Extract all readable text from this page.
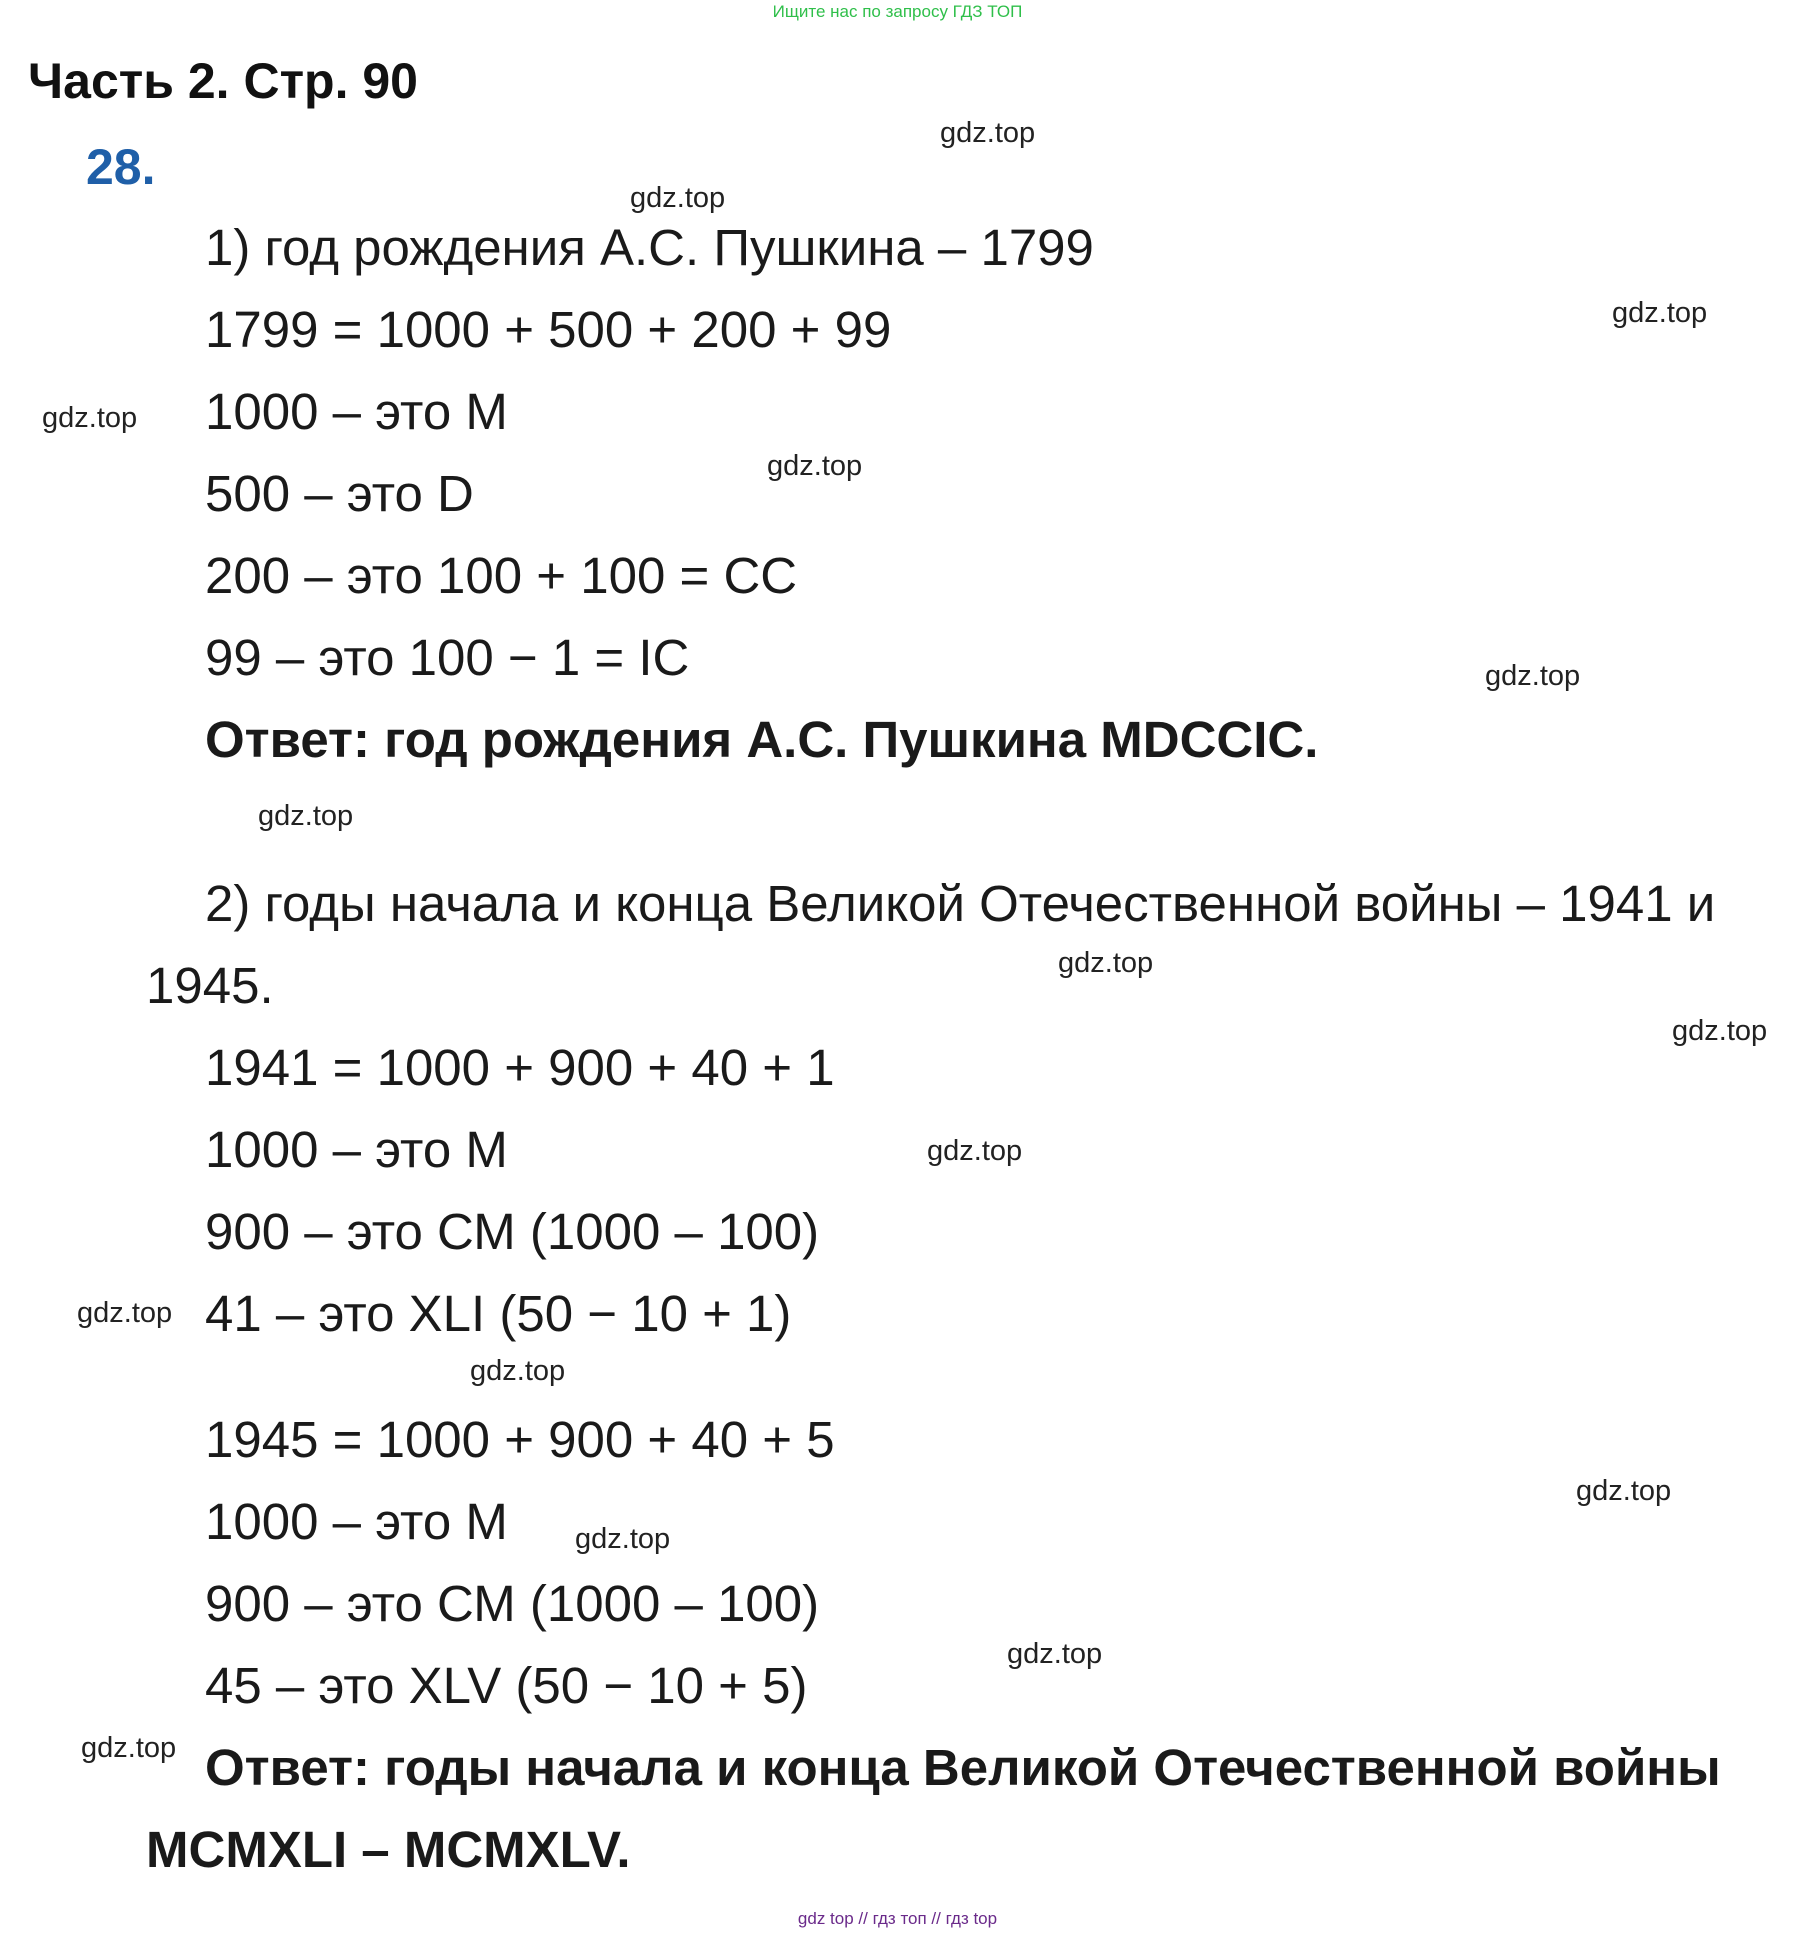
Ищите нас по запросу ГДЗ ТОП
Часть 2. Стр. 90
28.
1) год рождения А.С. Пушкина – 1799
1799 = 1000 + 500 + 200 + 99
1000 – это М
500 – это D
200 – это 100 + 100 = CC
99 – это 100 − 1 = IC
Ответ: год рождения А.С. Пушкина MDCCIC.
2) годы начала и конца Великой Отечественной войны – 1941 и
1945.
1941 = 1000 + 900 + 40 + 1
1000 – это М
900 – это СМ (1000 – 100)
41 – это XLI (50 − 10 + 1)
1945 = 1000 + 900 + 40 + 5
1000 – это М
900 – это СМ (1000 – 100)
45 – это XLV (50 − 10 + 5)
Ответ: годы начала и конца Великой Отечественной войны
MCMXLI – MCMXLV.
gdz.top
gdz.top
gdz.top
gdz.top
gdz.top
gdz.top
gdz.top
gdz.top
gdz.top
gdz.top
gdz.top
gdz.top
gdz.top
gdz.top
gdz.top
gdz.top
gdz top // гдз топ // гдз top
